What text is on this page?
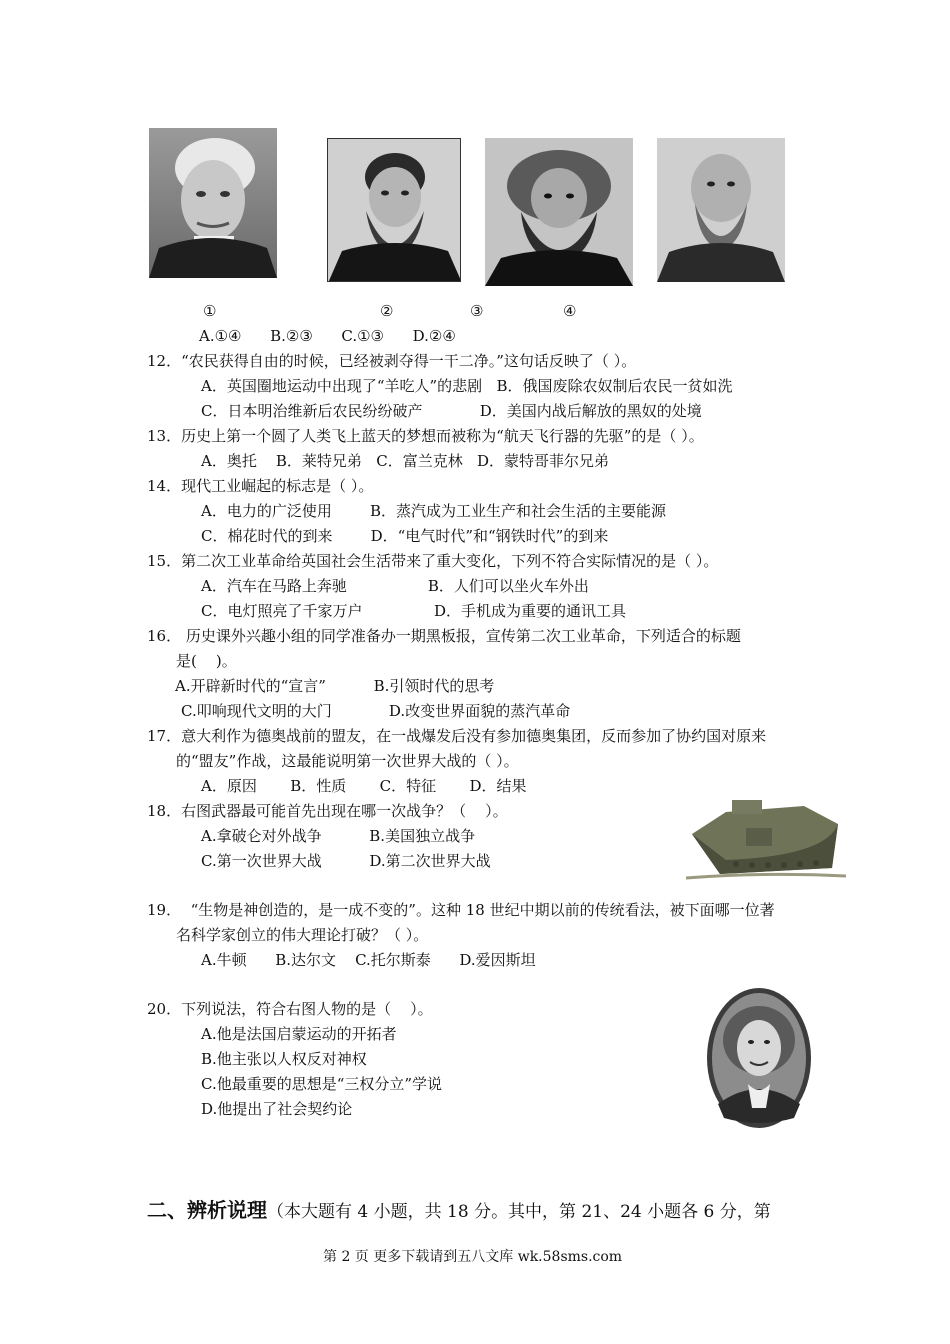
①	②	③	④
A.①④      B.②③      C.①③      D.②④
12．“农民获得自由的时候，已经被剥夺得一干二净。”这句话反映了（ ）。
A．英国圈地运动中出现了“羊吃人”的悲剧   B．俄国废除农奴制后农民一贫如洗
C．日本明治维新后农民纷纷破产            D．美国内战后解放的黑奴的处境
13．历史上第一个圆了人类飞上蓝天的梦想而被称为“航天飞行器的先驱”的是（ ）。
A．奥托    B．莱特兄弟   C．富兰克林   D．蒙特哥菲尔兄弟
14．现代工业崛起的标志是（ ）。
A．电力的广泛使用        B．蒸汽成为工业生产和社会生活的主要能源
C．棉花时代的到来        D．“电气时代”和“钢铁时代”的到来
15．第二次工业革命给英国社会生活带来了重大变化，下列不符合实际情况的是（ ）。
A．汽车在马路上奔驰                 B．人们可以坐火车外出
C．电灯照亮了千家万户               D．手机成为重要的通讯工具
16． 历史课外兴趣小组的同学准备办一期黑板报，宣传第二次工业革命，下列适合的标题
是(    )。
A.开辟新时代的“宣言”          B.引领时代的思考
C.叩响现代文明的大门            D.改变世界面貌的蒸汽革命
17．意大利作为德奥战前的盟友，在一战爆发后没有参加德奥集团，反而参加了协约国对原来
的“盟友”作战，这最能说明第一次世界大战的（ ）。
A．原因       B．性质       C．特征       D．结果
18．右图武器最可能首先出现在哪一次战争？（    ）。
A.拿破仑对外战争          B.美国独立战争
C.第一次世界大战          D.第二次世界大战
19．  “生物是神创造的，是一成不变的”。这种 18 世纪中期以前的传统看法，被下面哪一位著
名科学家创立的伟大理论打破？（ ）。
A.牛顿      B.达尔文    C.托尔斯泰      D.爱因斯坦
20．下列说法，符合右图人物的是（    ）。
A.他是法国启蒙运动的开拓者
B.他主张以人权反对神权
C.他最重要的思想是“三权分立”学说
D.他提出了社会契约论
二、辨析说理（本大题有 4 小题，共 18 分。其中，第 21、24 小题各 6 分，第
第 2 页 更多下载请到五八文库 wk.58sms.com
